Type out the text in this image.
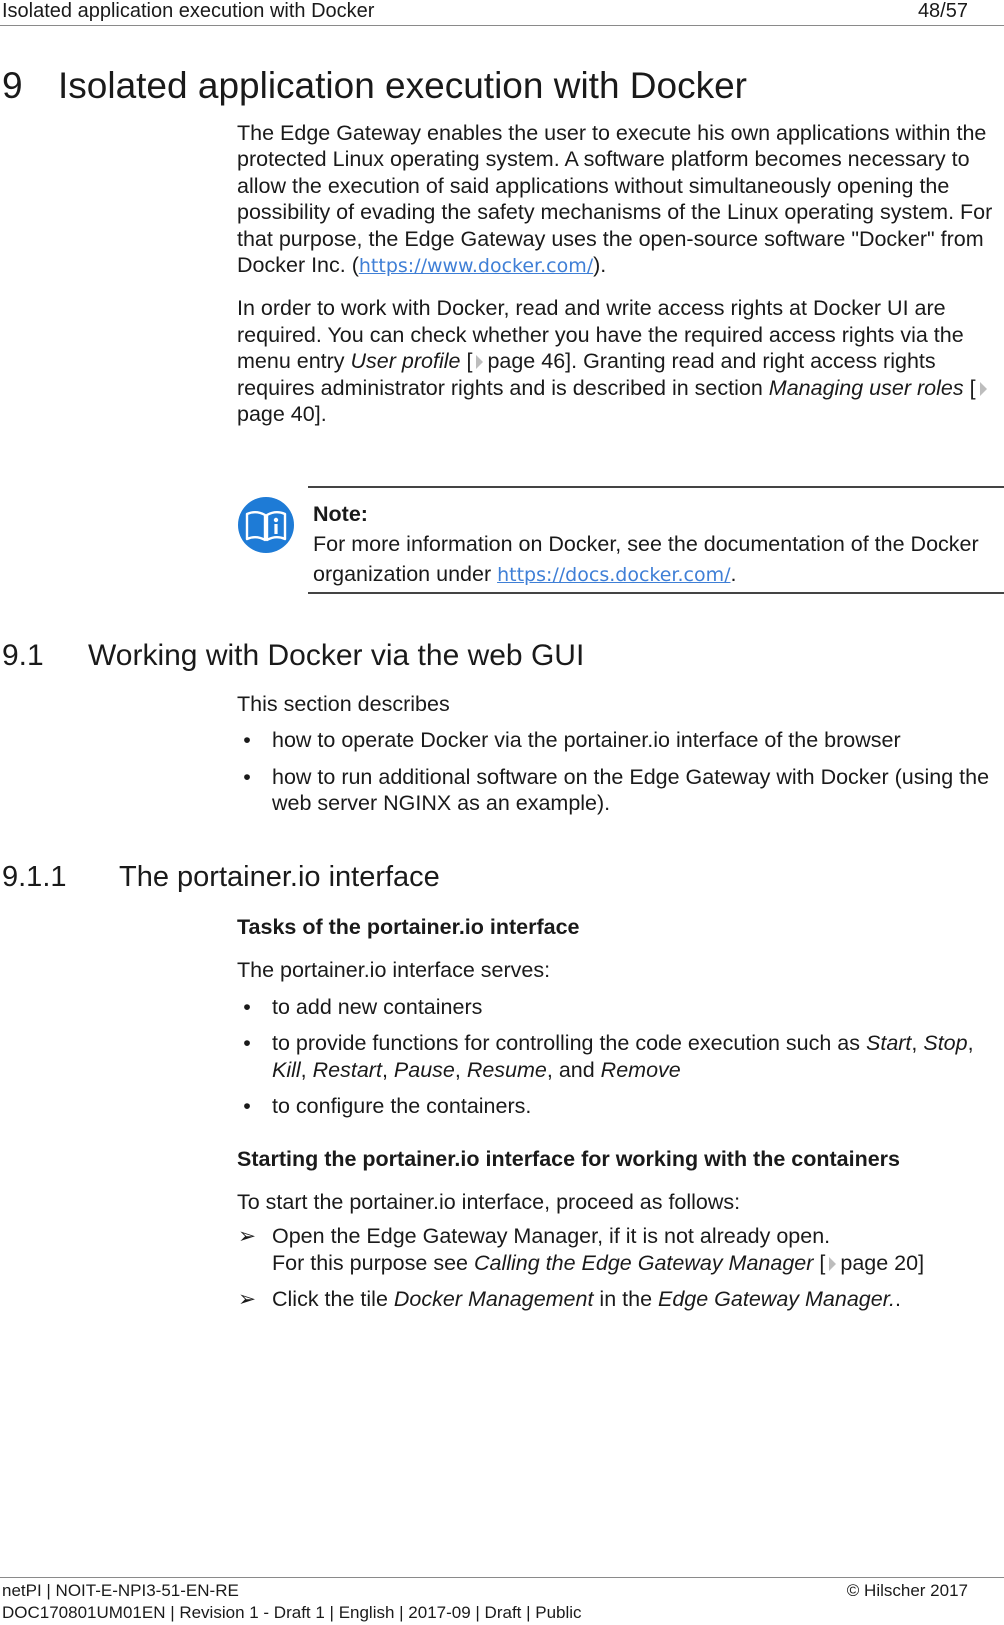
Isolated application execution with Docker	48/57
9 Isolated application execution with Docker

The Edge Gateway enables the user to execute his own applications within the protected Linux operating system. A software platform becomes necessary to allow the execution of said applications without simultaneously opening the possibility of evading the safety mechanisms of the Linux operating system. For that purpose, the Edge Gateway uses the open-source software "Docker" from Docker Inc. (https://www.docker.com/).

In order to work with Docker, read and write access rights at Docker UI are required. You can check whether you have the required access rights via the menu entry User profile [ page 46]. Granting read and right access rights requires administrator rights and is described in section Managing user roles [page 40].

Note:
For more information on Docker, see the documentation of the Docker organization under https://docs.docker.com/.
9.1 Working with Docker via the web GUI

This section describes

• how to operate Docker via the portainer.io interface of the browser
• how to run additional software on the Edge Gateway with Docker (using the web server NGINX as an example).
9.1.1 The portainer.io interface

Tasks of the portainer.io interface

The portainer.io interface serves:

• to add new containers
• to provide functions for controlling the code execution such as Start, Stop, Kill, Restart, Pause, Resume, and Remove
• to configure the containers.

Starting the portainer.io interface for working with the containers

To start the portainer.io interface, proceed as follows:

➢ Open the Edge Gateway Manager, if it is not already open.
For this purpose see Calling the Edge Gateway Manager [ page 20]
➢ Click the tile Docker Management in the Edge Gateway Manager..
netPI | NOIT-E-NPI3-51-EN-RE	© Hilscher 2017
DOC170801UM01EN | Revision 1 - Draft 1 | English | 2017-09 | Draft | Public
